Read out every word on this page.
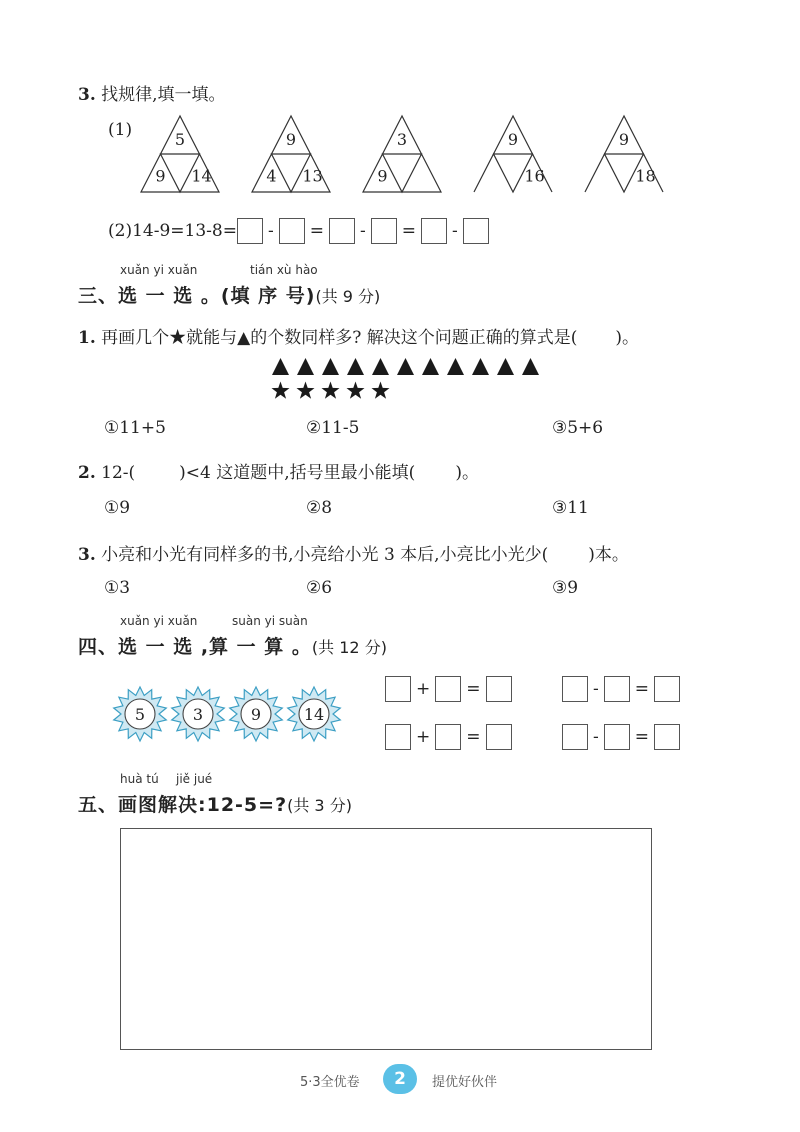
3. 找规律,填一填。
(1)	5
9 14
9
4 13
3
9
9
16
9
18
(2)14-9=13-8= - = - = -
xuǎn yi xuǎn	tián xù hào
三、选 一 选 。(填 序 号)(共 9 分)
1. 再画几个★就能与▲的个数同样多? 解决这个问题正确的算式是( )。
①11+5	②11-5	③5+6
2. 12-(	)<4 这道题中,括号里最小能填( )。
①9	②8	③11
3. 小亮和小光有同样多的书,小亮给小光 3 本后,小亮比小光少( )本。
①3	②6	③9
xuǎn yi xuǎn	suàn yi suàn
四、选 一 选 ,算 一 算 。(共 12 分)
5	3	9	14
+ =	- =
+ =	- =
huà tú jiě jué
五、画图解决:12-5=?(共 3 分)
5·3全优卷	2	提优好伙伴
